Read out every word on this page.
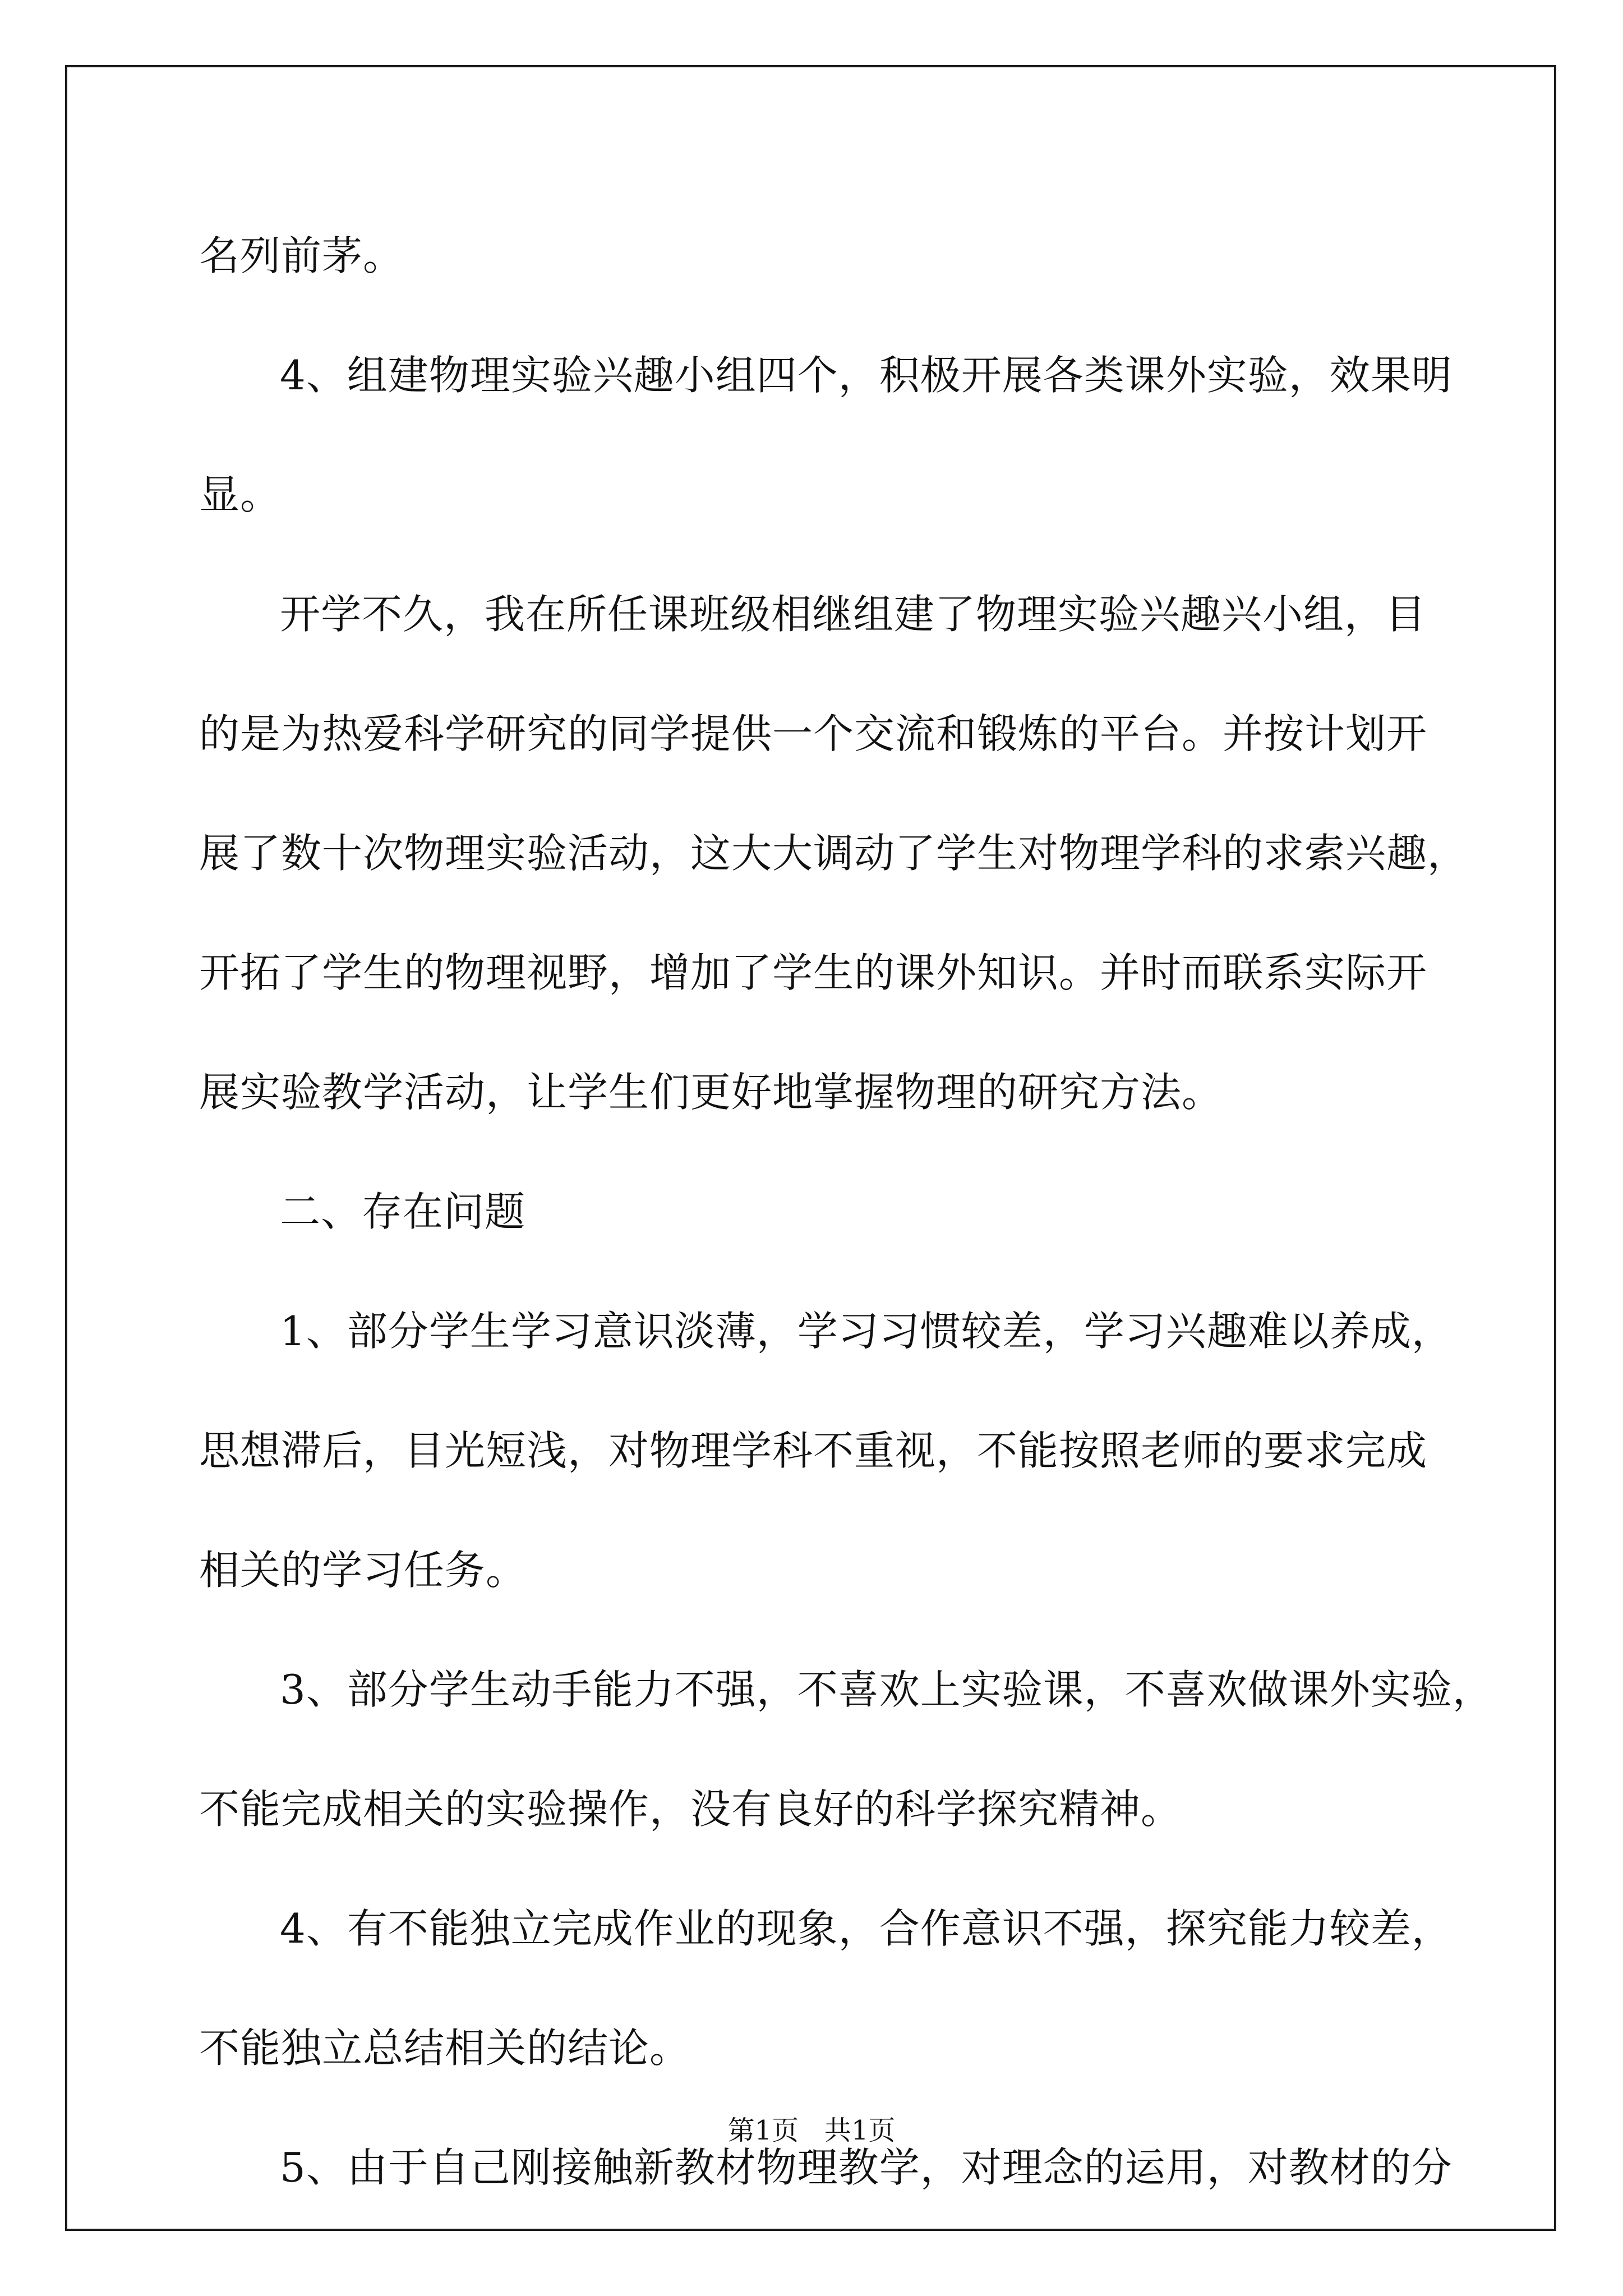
名列前茅。
4、组建物理实验兴趣小组四个，积极开展各类课外实验，效果明
显。
开学不久，我在所任课班级相继组建了物理实验兴趣兴小组，目
的是为热爱科学研究的同学提供一个交流和锻炼的平台。并按计划开
展了数十次物理实验活动，这大大调动了学生对物理学科的求索兴趣，
开拓了学生的物理视野，增加了学生的课外知识。并时而联系实际开
展实验教学活动，让学生们更好地掌握物理的研究方法。
二、存在问题
1、部分学生学习意识淡薄，学习习惯较差，学习兴趣难以养成，
思想滞后，目光短浅，对物理学科不重视，不能按照老师的要求完成
相关的学习任务。
3、部分学生动手能力不强，不喜欢上实验课，不喜欢做课外实验，
不能完成相关的实验操作，没有良好的科学探究精神。
4、有不能独立完成作业的现象，合作意识不强，探究能力较差，
不能独立总结相关的结论。
5、由于自己刚接触新教材物理教学，对理念的运用，对教材的分
第1页   共1页
